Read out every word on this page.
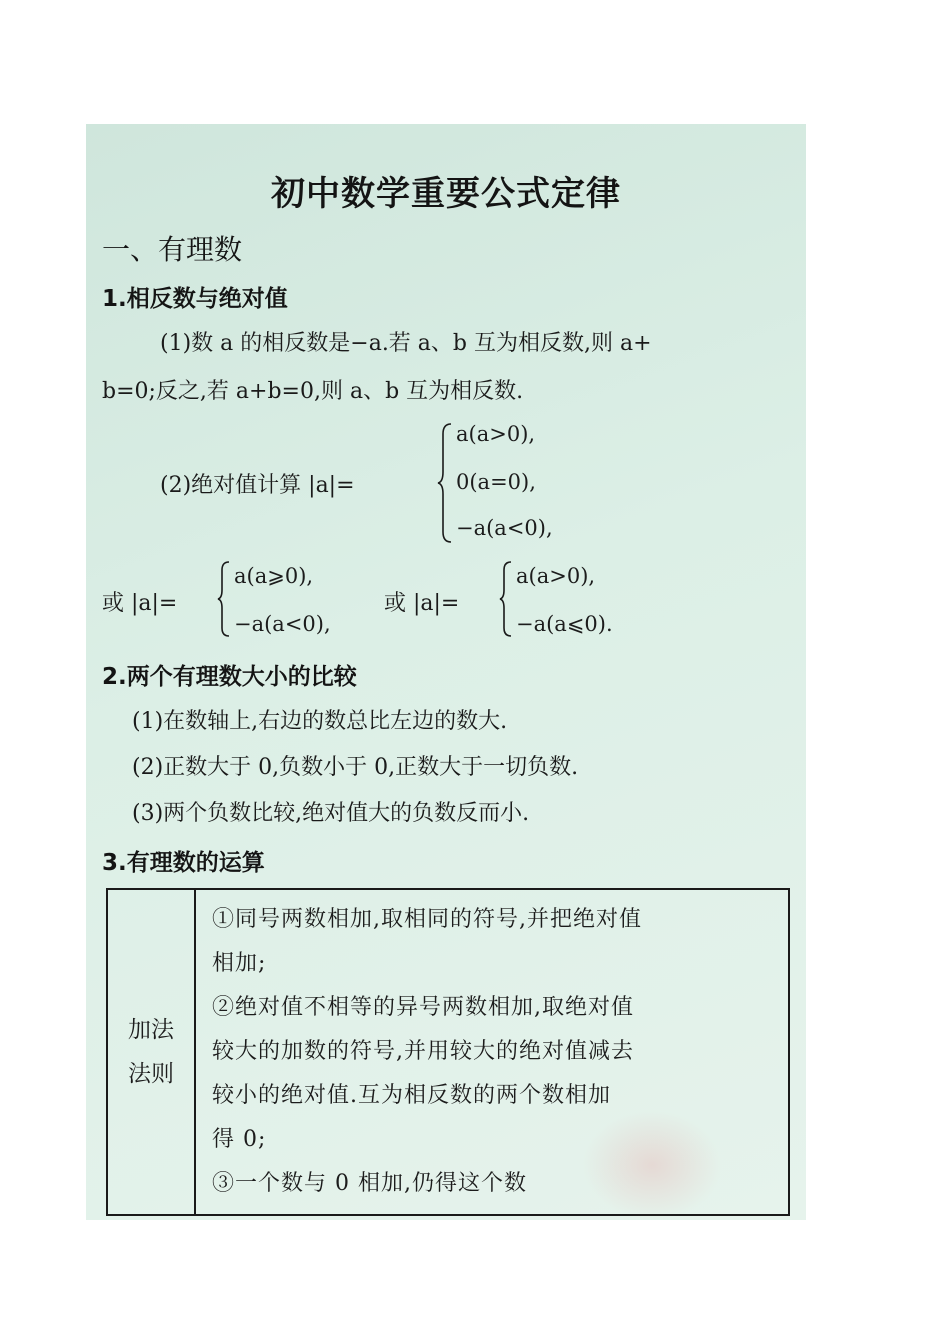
初中数学重要公式定律
一、有理数
1.相反数与绝对值
(1)数 a 的相反数是−a.若 a、b 互为相反数,则 a+
b=0;反之,若 a+b=0,则 a、b 互为相反数.
(2)绝对值计算 |a|=
a(a>0),
0(a=0),
−a(a<0),
或 |a|=
a(a⩾0),
−a(a<0),
或 |a|=
a(a>0),
−a(a⩽0).
2.两个有理数大小的比较
(1)在数轴上,右边的数总比左边的数大.
(2)正数大于 0,负数小于 0,正数大于一切负数.
(3)两个负数比较,绝对值大的负数反而小.
3.有理数的运算
加法
法则

①同号两数相加,取相同的符号,并把绝对值
相加;
②绝对值不相等的异号两数相加,取绝对值
较大的加数的符号,并用较大的绝对值减去
较小的绝对值.互为相反数的两个数相加
得 0;
③一个数与 0 相加,仍得这个数
